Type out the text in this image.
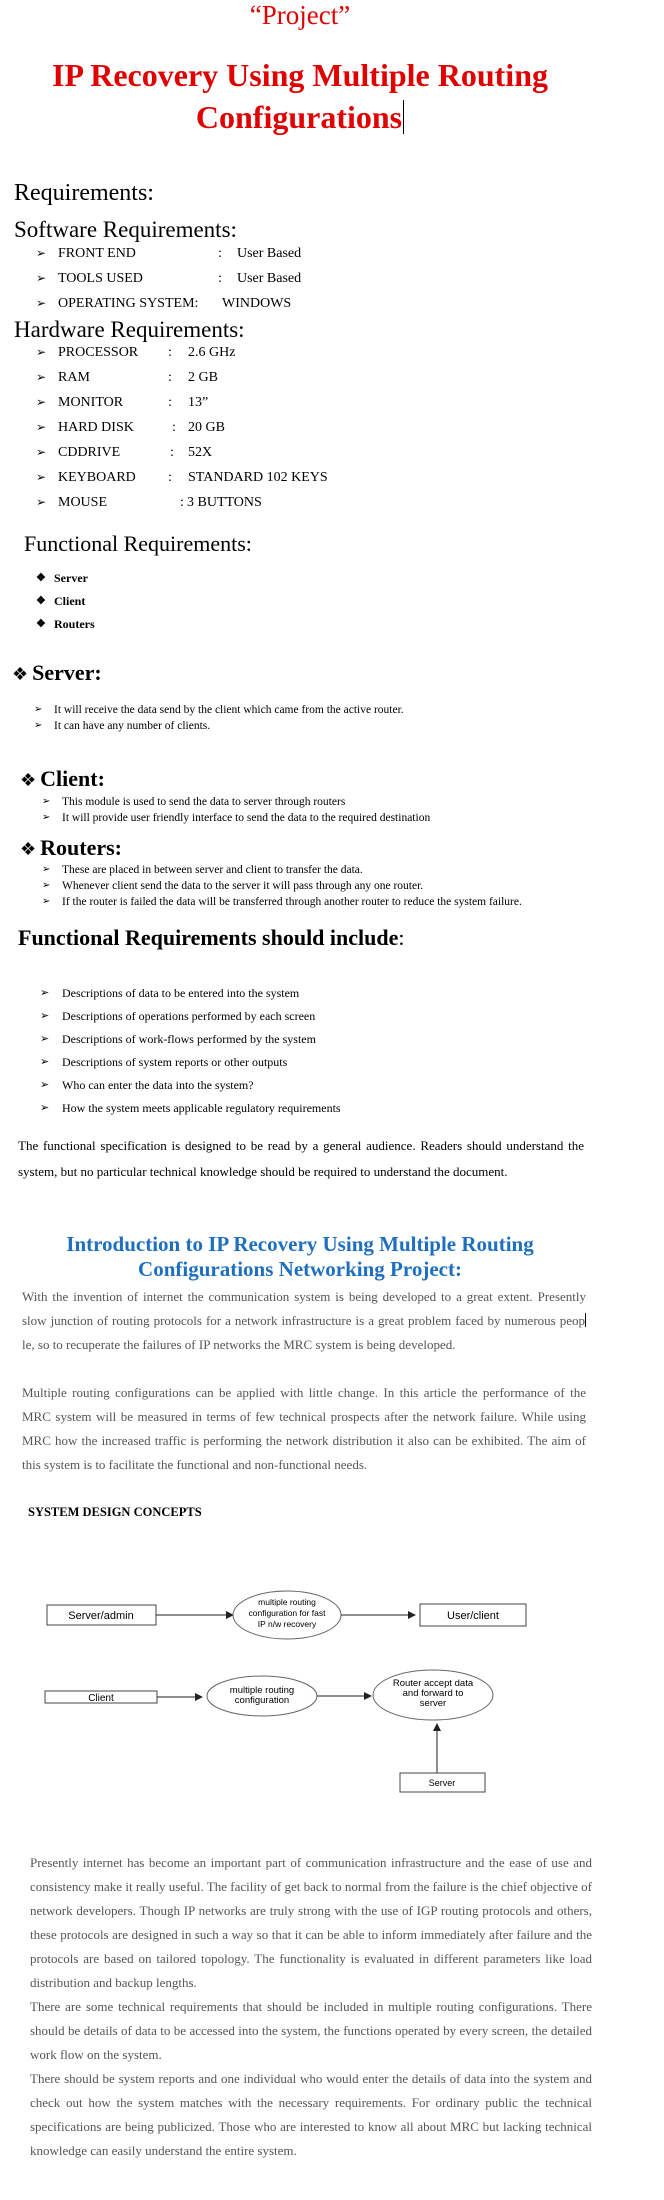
“Project”
IP Recovery Using Multiple Routing
Configurations
Requirements:
Software Requirements:
➢ FRONT END	: User Based
➢ TOOLS USED	: User Based
➢ OPERATING SYSTEM: WINDOWS
Hardware Requirements:
➢ PROCESSOR : 2.6 GHz
➢ RAM	: 2 GB
➢ MONITOR	: 13”
➢ HARD DISK	: 20 GB
➢ CDDRIVE	: 52X
➢ KEYBOARD : STANDARD 102 KEYS
➢ MOUSE	: 3 BUTTONS
Functional Requirements:
❖ Server
❖ Client
❖ Routers
❖ Server:
➢ It will receive the data send by the client which came from the active router.
➢ It can have any number of clients.
❖ Client:
➢ This module is used to send the data to server through routers
➢ It will provide user friendly interface to send the data to the required destination
❖ Routers:
➢ These are placed in between server and client to transfer the data.
➢ Whenever client send the data to the server it will pass through any one router.
➢ If the router is failed the data will be transferred through another router to reduce the system failure.
Functional Requirements should include:
➢ Descriptions of data to be entered into the system
➢ Descriptions of operations performed by each screen
➢ Descriptions of work-flows performed by the system
➢ Descriptions of system reports or other outputs
➢ Who can enter the data into the system?
➢ How the system meets applicable regulatory requirements
The functional specification is designed to be read by a general audience. Readers should understand the system, but no particular technical knowledge should be required to understand the document.
Introduction to IP Recovery Using Multiple Routing
Configurations Networking Project:
With the invention of internet the communication system is being developed to a great extent. Presently slow junction of routing protocols for a network infrastructure is a great problem faced by numerous people, so to recuperate the failures of IP networks the MRC system is being developed.
Multiple routing configurations can be applied with little change. In this article the performance of the MRC system will be measured in terms of few technical prospects after the network failure. While using MRC how the increased traffic is performing the network distribution it also can be exhibited. The aim of this system is to facilitate the functional and non-functional needs.
SYSTEM DESIGN CONCEPTS
Server/admin
multiple routing
configuration for fast
IP n/w recovery
User/client
Client
multiple routing
configuration
Router accept data
and forward to
server
Server
Presently internet has become an important part of communication infrastructure and the ease of use and consistency make it really useful. The facility of get back to normal from the failure is the chief objective of network developers. Though IP networks are truly strong with the use of IGP routing protocols and others, these protocols are designed in such a way so that it can be able to inform immediately after failure and the protocols are based on tailored topology. The functionality is evaluated in different parameters like load distribution and backup lengths.
There are some technical requirements that should be included in multiple routing configurations. There should be details of data to be accessed into the system, the functions operated by every screen, the detailed work flow on the system.
There should be system reports and one individual who would enter the details of data into the system and check out how the system matches with the necessary requirements. For ordinary public the technical specifications are being publicized. Those who are interested to know all about MRC but lacking technical knowledge can easily understand the entire system.
